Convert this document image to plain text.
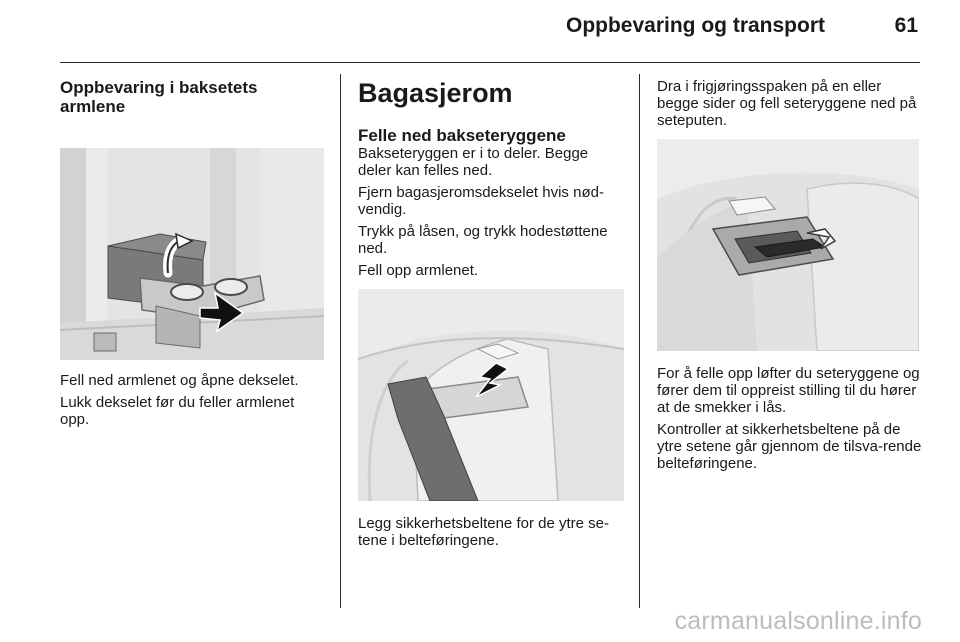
Oppbevaring og transport	61
Oppbevaring i baksetets armlene

Fell ned armlenet og åpne dekselet.

Lukk dekselet før du feller armlenet opp.

Bagasjerom
Felle ned bakseteryggene

Bakseteryggen er i to deler. Begge deler kan felles ned.

Fjern bagasjeromsdekselet hvis nød-vendig.

Trykk på låsen, og trykk hodestøttene ned.

Fell opp armlenet.

Legg sikkerhetsbeltene for de ytre se-tene i belteføringene.

Dra i frigjøringsspaken på en eller begge sider og fell seteryggene ned på seteputen.

For å felle opp løfter du seteryggene og fører dem til oppreist stilling til du hører at de smekker i lås.

Kontroller at sikkerhetsbeltene på de ytre setene går gjennom de tilsva-rende belteføringene.

carmanualsonline.info
